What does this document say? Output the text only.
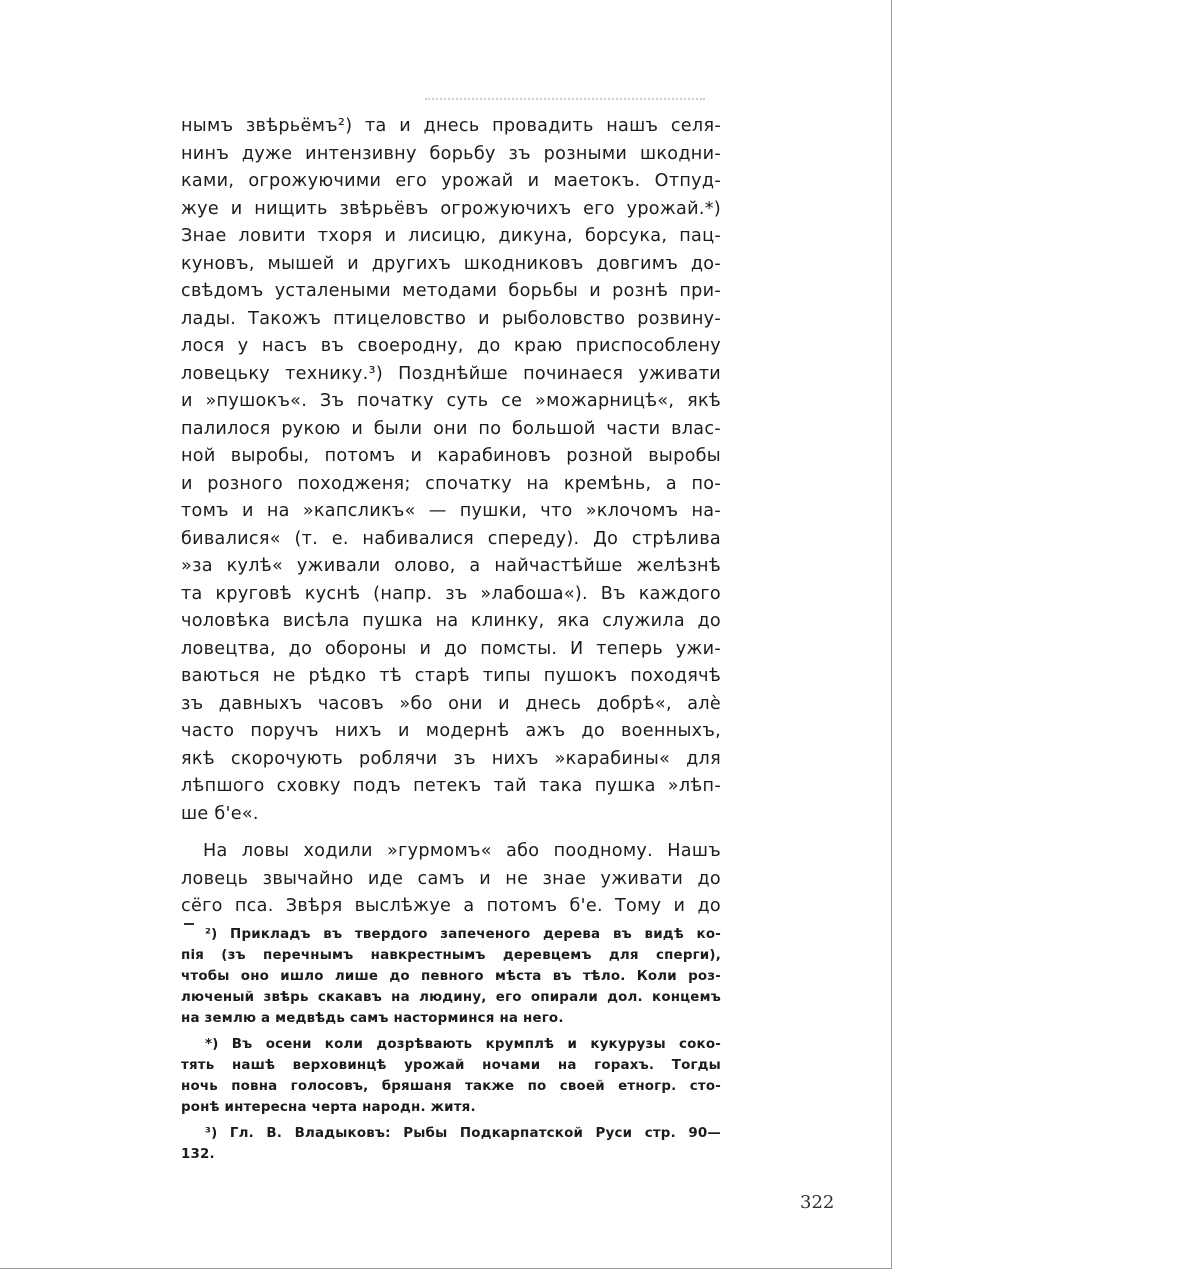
нымъ звѣрьёмъ²) та и днесь провадить нашъ селя-
нинъ дуже интензивну борьбу зъ розными шкодни-
ками, огрожуючими его урожай и маетокъ. Отпуд-
жуе и нищить звѣрьёвъ огрожуючихъ его урожай.*)
Знае ловити тхоря и лисицю, дикуна, борсука, пац-
куновъ, мышей и другихъ шкодниковъ довгимъ до-
свѣдомъ усталеными методами борьбы и рознѣ при-
лады. Такожъ птицеловство и рыболовство розвину-
лося у насъ въ своеродну, до краю приспособлену
ловецьку технику.³) Позднѣйше починаеся уживати
и »пушокъ«. Зъ початку суть се »можарницѣ«, якѣ
палилося рукою и были они по большой части влас-
ной выробы, потомъ и карабиновъ розной выробы
и розного походженя; спочатку на кремѣнь, а по-
томъ и на »капсликъ« — пушки, что »клочомъ на-
бивалися« (т. е. набивалися спереду). До стрѣлива
»за кулѣ« уживали олово, а найчастѣйше желѣзнѣ
та круговѣ куснѣ (напр. зъ »лабоша«). Въ каждого
чоловѣка висѣла пушка на клинку, яка служила до
ловецтва, до обороны и до помсты. И теперь ужи-
ваються не рѣдко тѣ старѣ типы пушокъ походячѣ
зъ давныхъ часовъ »бо они и днесь добрѣ«, алѐ
часто поручъ нихъ и модернѣ ажъ до военныхъ,
якѣ скорочують роблячи зъ нихъ »карабины« для
лѣпшого сховку подъ петекъ тай така пушка »лѣп-
ше б'е«.
На ловы ходили »гурмомъ« або поодному. Нашъ
ловець звычайно иде самъ и не знае уживати до
сёго пса. Звѣря выслѣжуе а потомъ б'е. Тому и до
²) Прикладъ въ твердого запеченого дерева въ видѣ ко-
пія (зъ перечнымъ навкрестнымъ деревцемъ для сперги),
чтобы оно ишло лише до певного мѣста въ тѣло. Коли роз-
люченый звѣрь скакавъ на людину, его опирали дол. концемъ
на землю а медвѣдь самъ насторминся на него.
*) Въ осени коли дозрѣвають крумплѣ и кукурузы соко-
тять нашѣ верховинцѣ урожай ночами на горахъ. Тогды
ночь повна голосовъ, бряшаня также по своей етногр. сто-
ронѣ интересна черта народн. житя.
³) Гл. В. Владыковъ: Рыбы Подкарпатской Руси стр. 90—
132.
322
